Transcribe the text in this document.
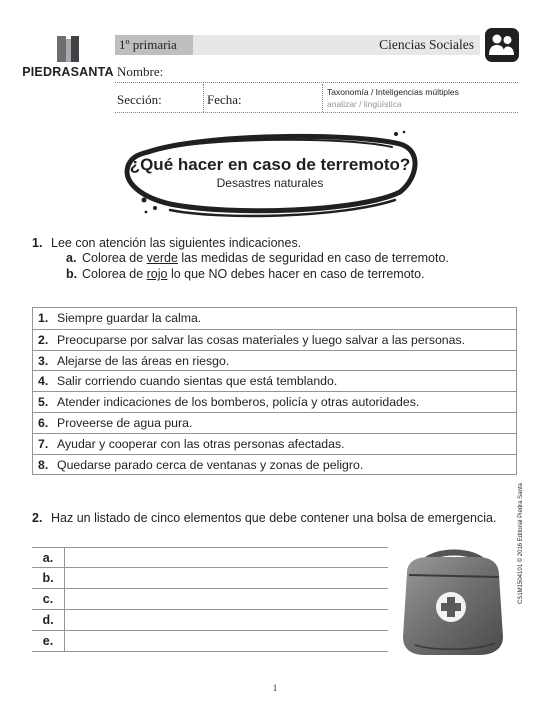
PIEDRASANTA
1º primaria	Ciencias Sociales
Nombre:
Sección:	Fecha:	Taxonomía / Inteligencias múltiples
analizar / lingüística
¿Qué hacer en caso de terremoto?
Desastres naturales
1. Lee con atención las siguientes indicaciones.
a. Colorea de verde las medidas de seguridad en caso de terremoto.
b. Colorea de rojo lo que NO debes hacer en caso de terremoto.
1. Siempre guardar la calma.
2. Preocuparse por salvar las cosas materiales y luego salvar a las personas.
3. Alejarse de las áreas en riesgo.
4. Salir corriendo cuando sientas que está temblando.
5. Atender indicaciones de los bomberos, policía y otras autoridades.
6. Proveerse de agua pura.
7. Ayudar y cooperar con las otras personas afectadas.
8. Quedarse parado cerca de ventanas y zonas de peligro.
2. Haz un listado de cinco elementos que debe contener una bolsa de emergencia.
a.
b.
c.
d.
e.
CS1M1504101 © 2016 Editorial Piedra Santa
1
